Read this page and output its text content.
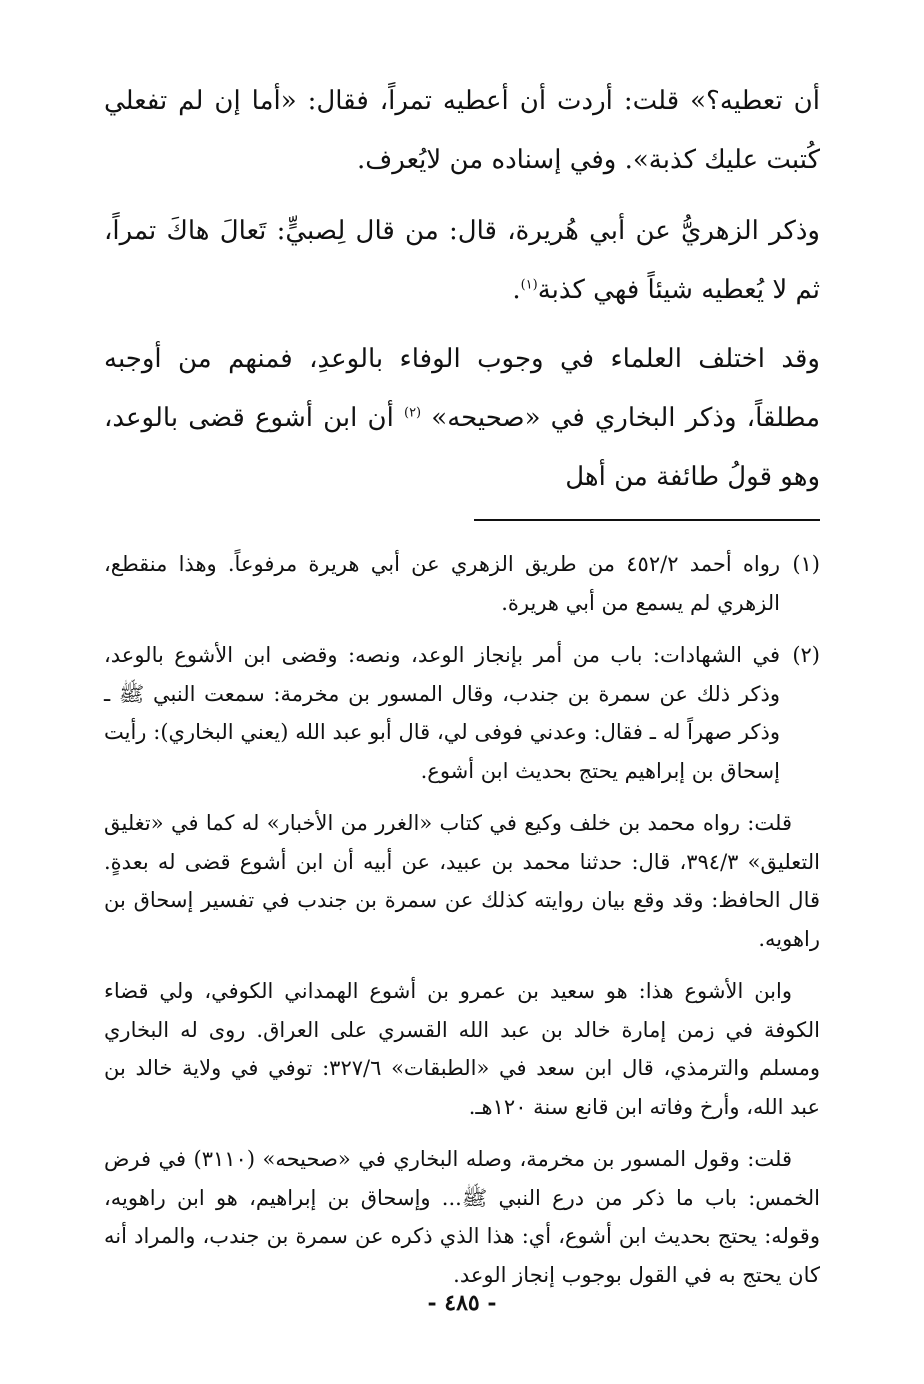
أن تعطيه؟» قلت: أردت أن أعطيه تمراً، فقال: «أما إن لم تفعلي كُتبت عليك كذبة». وفي إسناده من لايُعرف.

وذكر الزهريُّ عن أبي هُريرة، قال: من قال لِصبيٍّ: تَعالَ هاكَ تمراً، ثم لا يُعطيه شيئاً فهي كذبة$^{(١)}$.

وقد اختلف العلماء في وجوب الوفاء بالوعدِ، فمنهم من أوجبه مطلقاً، وذكر البخاري في «صحيحه» $^{(٢)}$ أن ابن أشوع قضى بالوعد، وهو قولُ طائفة من أهل

(١)
رواه أحمد ٤٥٢/٢ من طريق الزهري عن أبي هريرة مرفوعاً. وهذا منقطع، الزهري لم يسمع من أبي هريرة.
(٢)
في الشهادات: باب من أمر بإنجاز الوعد، ونصه: وقضى ابن الأشوع بالوعد، وذكر ذلك عن سمرة بن جندب، وقال المسور بن مخرمة: سمعت النبي ﷺ ـ وذكر صهراً له ـ فقال: وعدني فوفى لي، قال أبو عبد الله (يعني البخاري): رأيت إسحاق بن إبراهيم يحتج بحديث ابن أشوع.

قلت: رواه محمد بن خلف وكيع في كتاب «الغرر من الأخبار» له كما في «تغليق التعليق» ٣٩٤/٣، قال: حدثنا محمد بن عبيد، عن أبيه أن ابن أشوع قضى له بعدةٍ. قال الحافظ: وقد وقع بيان روايته كذلك عن سمرة بن جندب في تفسير إسحاق بن راهويه.

وابن الأشوع هذا: هو سعيد بن عمرو بن أشوع الهمداني الكوفي، ولي قضاء الكوفة في زمن إمارة خالد بن عبد الله القسري على العراق. روى له البخاري ومسلم والترمذي، قال ابن سعد في «الطبقات» ٣٢٧/٦: توفي في ولاية خالد بن عبد الله، وأرخ وفاته ابن قانع سنة ١٢٠هـ.

قلت: وقول المسور بن مخرمة، وصله البخاري في «صحيحه» (٣١١٠) في فرض الخمس: باب ما ذكر من درع النبي ﷺ... وإسحاق بن إبراهيم، هو ابن راهويه، وقوله: يحتج بحديث ابن أشوع، أي: هذا الذي ذكره عن سمرة بن جندب، والمراد أنه كان يحتج به في القول بوجوب إنجاز الوعد.

- ٤٨٥ -
